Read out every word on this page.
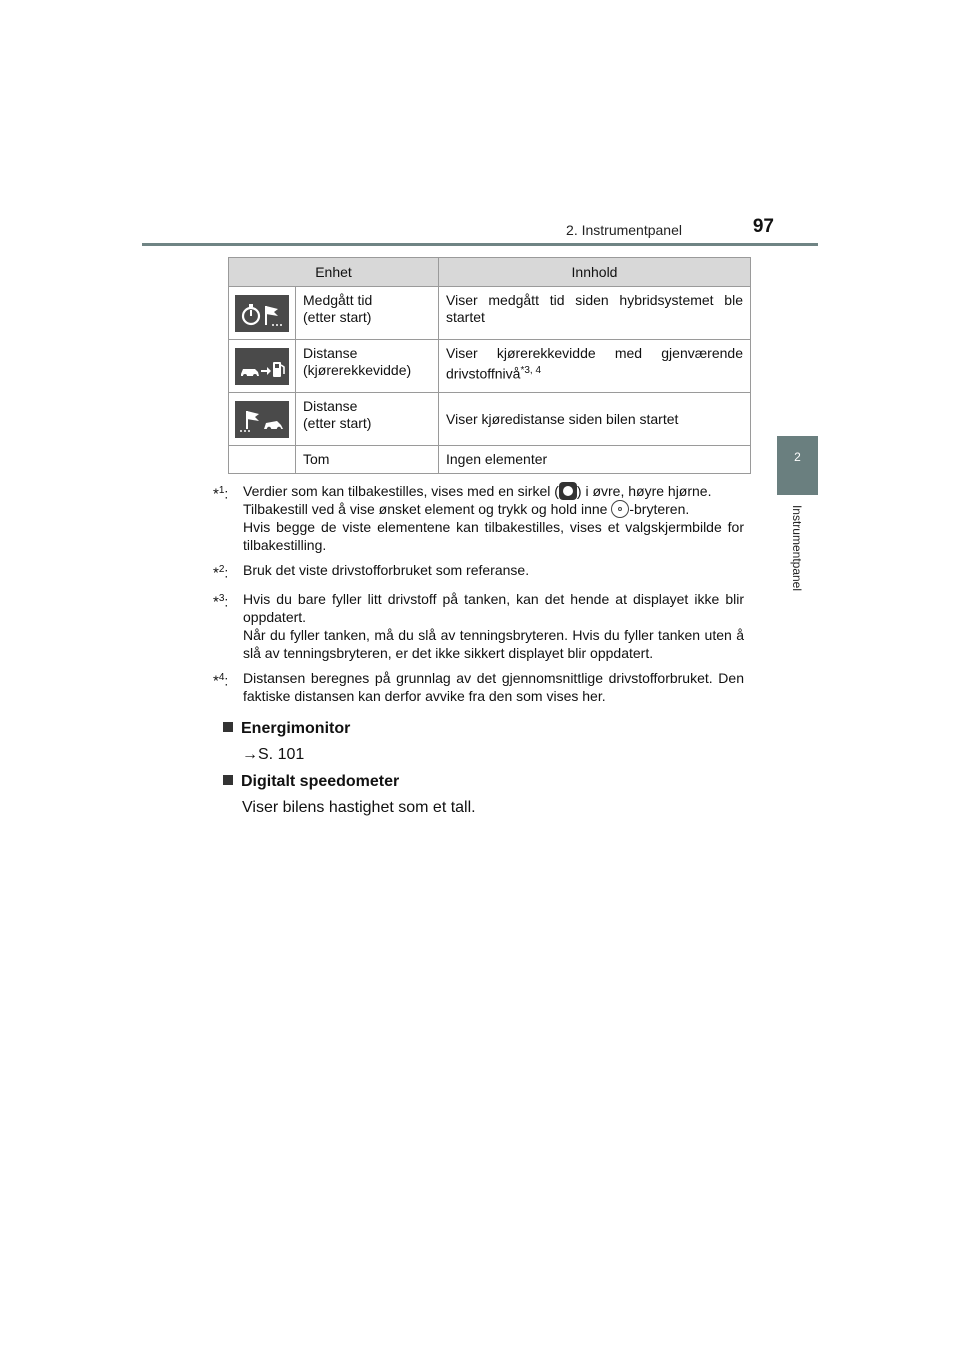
2. Instrumentpanel	97
2
Instrumentpanel
Enhet		Innhold

	Medgått tid
(etter start)	Viser medgått tid siden hybridsystemet ble startet

	Distanse
(kjørerekkevidde)	Viser kjørerekkevidde med gjenværende drivstoffnivå$^{*3, 4}$

	Distanse
(etter start)	Viser kjøredistanse siden bilen startet
	Tom	Ingen elementer
*$^1$:	Verdier som kan tilbakestilles, vises med en sirkel ( ) i øvre, høyre hjørne.

Tilbakestill ved å vise ønsket element og trykk og hold inne -bryteren.

Hvis begge de viste elementene kan tilbakestilles, vises et valgskjermbilde for tilbakestilling.

*$^2$:	Bruk det viste drivstofforbruket som referanse.
*$^3$:	Hvis du bare fyller litt drivstoff på tanken, kan det hende at displayet ikke blir oppdatert.

Når du fyller tanken, må du slå av tenningsbryteren. Hvis du fyller tanken uten å slå av tenningsbryteren, er det ikke sikkert displayet blir oppdatert.

*$^4$:	Distansen beregnes på grunnlag av det gjennomsnittlige drivstofforbruket. Den faktiske distansen kan derfor avvike fra den som vises her.
Energimonitor
→S. 101
Digitalt speedometer
Viser bilens hastighet som et tall.
